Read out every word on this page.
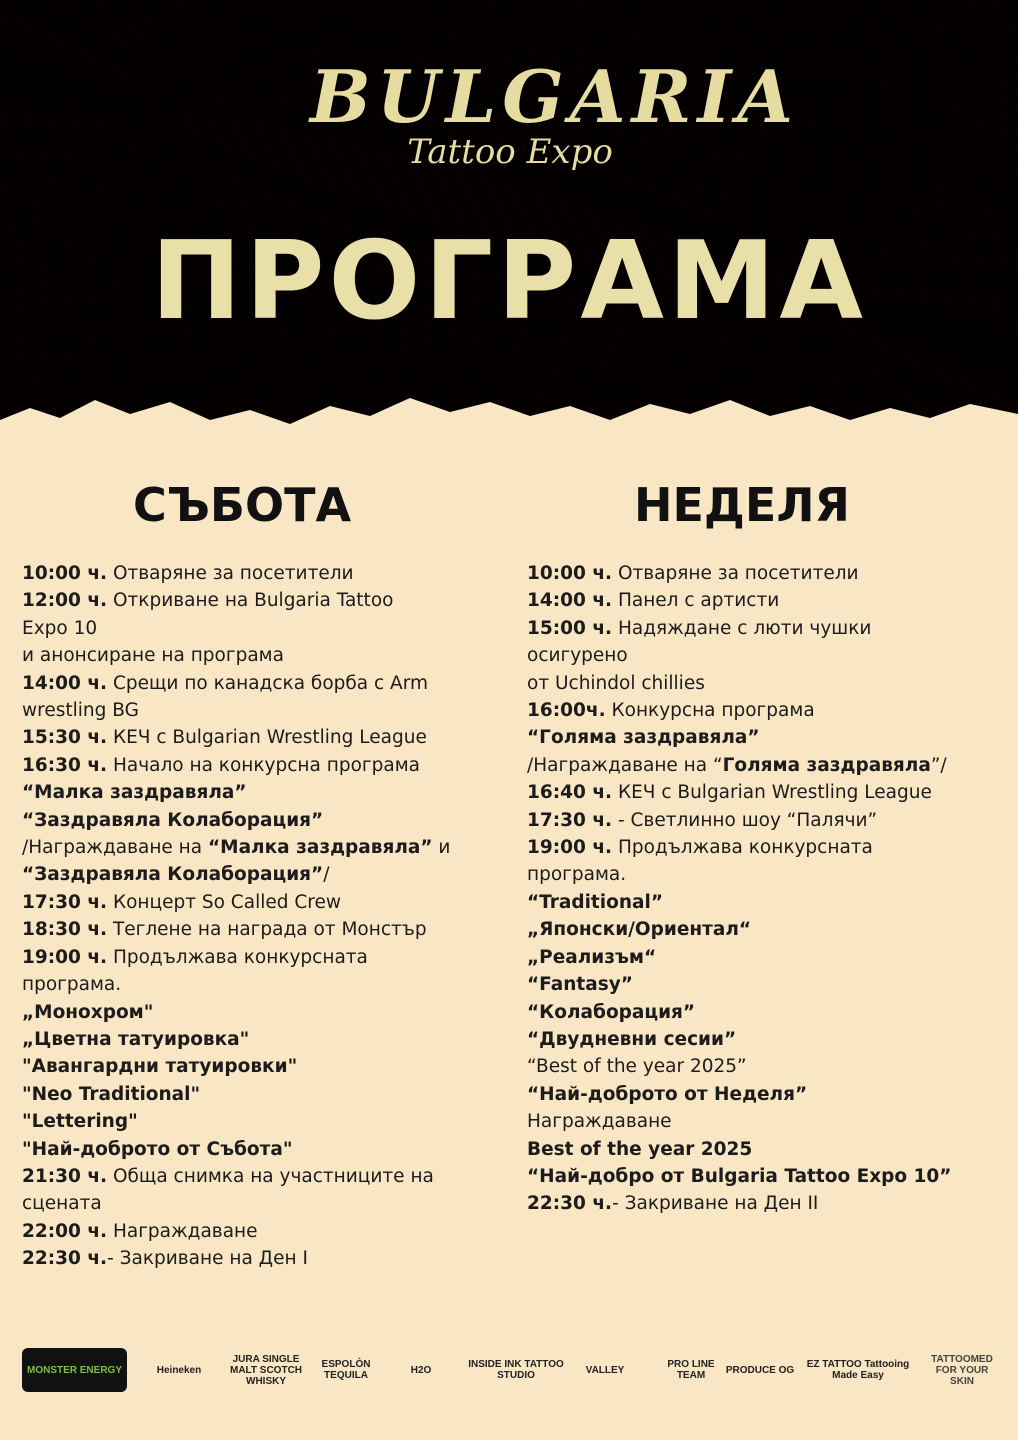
BULGARIA
Tattoo Expo
ПРОГРАМА
СЪБОТА
10:00 ч. Отваряне за посетители
12:00 ч. Откриване на Bulgaria Tattoo
Expo 10
и анонсиране на програма
14:00 ч. Срещи по канадска борба с Arm
wrestling BG
15:30 ч. КЕЧ с Bulgarian Wrestling League
16:30 ч. Начало на конкурсна програма
“Малка заздравяла”
“Заздравяла Колаборация”
/Награждаване на “Малка заздравяла” и
“Заздравяла Колаборация”/
17:30 ч. Концерт So Called Crew
18:30 ч. Теглене на награда от Монстър
19:00 ч. Продължава конкурсната
програма.
„Монохром"
„Цветна татуировка"
"Авангардни татуировки"
"Neo Traditional"
"Lettering"
"Най-доброто от Събота"
21:30 ч. Обща снимка на участниците на
сцената
22:00 ч. Награждаване
22:30 ч.- Закриване на Ден I
НЕДЕЛЯ
10:00 ч. Отваряне за посетители
14:00 ч. Панел с артисти
15:00 ч. Надяждане с люти чушки
осигурено
от Uchindol chillies
16:00ч. Конкурсна програма
“Голяма заздравяла”
/Награждаване на “Голяма заздравяла”/
16:40 ч. КЕЧ с Bulgarian Wrestling League
17:30 ч. - Светлинно шоу “Палячи”
19:00 ч. Продължава конкурсната
програма.
“Traditional”
„Японски/Ориентал“
„Реализъм“
“Fantasy”
“Колаборация”
“Двудневни сесии”
“Best of the year 2025”
“Най-доброто от Неделя”
Награждаване
Best of the year 2025
“Най-добро от Bulgaria Tattoo Expo 10”
22:30 ч.- Закриване на Ден II
MONSTER ENERGY	Heineken
JURA SINGLE MALT SCOTCH WHISKY
ESPOLÒN TEQUILA	H2O	INSIDE INK TATTOO STUDIO	VALLEY	PRO LINE TEAM	PRODUCE OG	EZ TATTOO Tattooing Made Easy
TATTOOMED FOR YOUR SKIN
